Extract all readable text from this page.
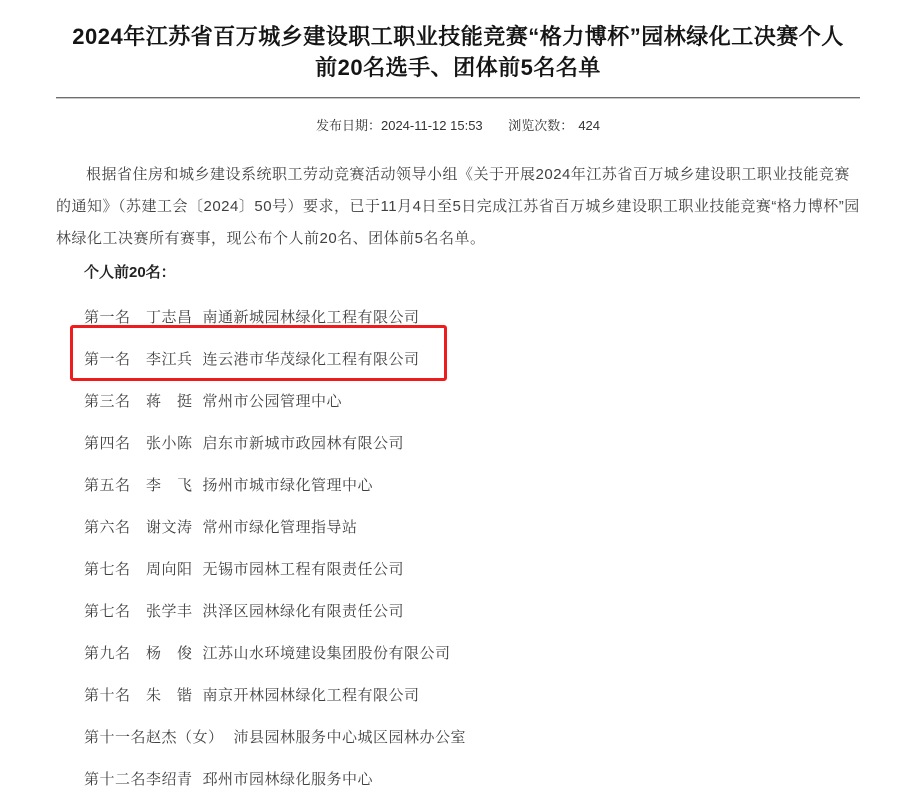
2024年江苏省百万城乡建设职工职业技能竞赛“格力博杯”园林绿化工决赛个人前20名选手、团体前5名名单
发布日期：2024-11-12 15:53 浏览次数： 424

根据省住房和城乡建设系统职工劳动竞赛活动领导小组《关于开展2024年江苏省百万城乡建设职工职业技能竞赛的通知》（苏建工会〔2024〕50号）要求，已于11月4日至5日完成江苏省百万城乡建设职工职业技能竞赛“格力博杯”园林绿化工决赛所有赛事，现公布个人前20名、团体前5名名单。

个人前20名：
第一名	丁志昌 南通新城园林绿化工程有限公司
第一名	李江兵 连云港市华茂绿化工程有限公司
第三名	蒋　挺 常州市公园管理中心
第四名	张小陈 启东市新城市政园林有限公司
第五名	李　飞 扬州市城市绿化管理中心
第六名	谢文涛 常州市绿化管理指导站
第七名	周向阳 无锡市园林工程有限责任公司
第七名	张学丰 洪泽区园林绿化有限责任公司
第九名	杨　俊 江苏山水环境建设集团股份有限公司
第十名	朱　锴 南京开林园林绿化工程有限公司
第十一名 赵杰（女） 沛县园林服务中心城区园林办公室
第十二名 李绍青 邳州市园林绿化服务中心
